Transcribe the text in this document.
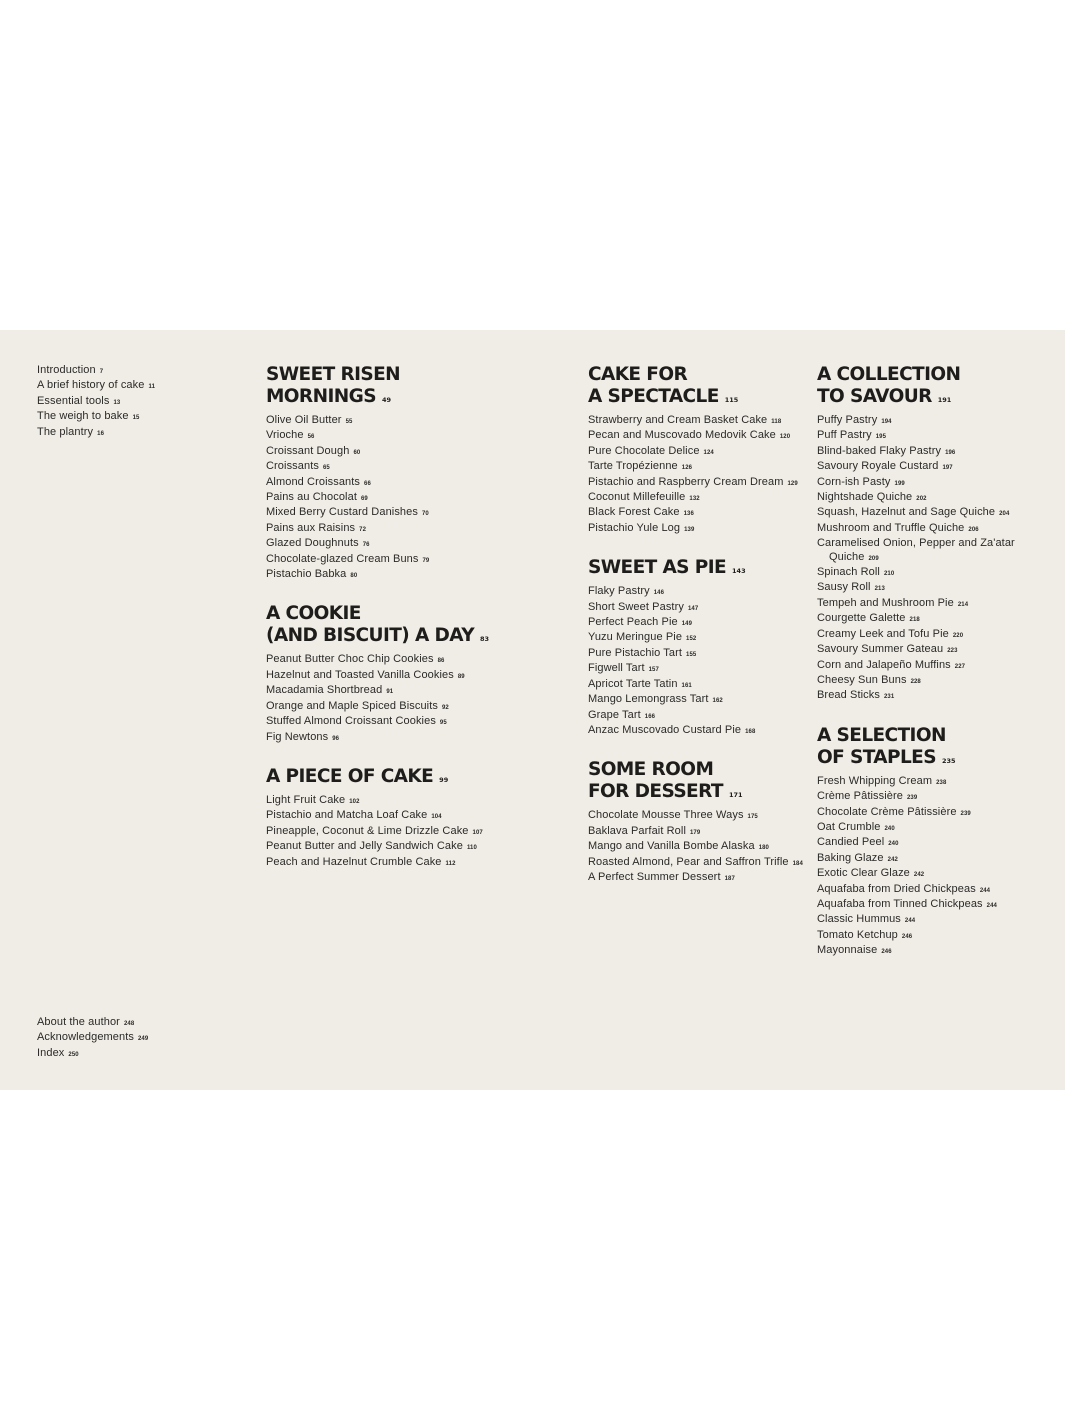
Introduction 7
A brief history of cake 11
Essential tools 13
The weigh to bake 15
The plantry 16
About the author 248
Acknowledgements 249
Index 250
SWEET RISEN
MORNINGS 49
Olive Oil Butter 55
Vrioche 56
Croissant Dough 60
Croissants 65
Almond Croissants 66
Pains au Chocolat 69
Mixed Berry Custard Danishes 70
Pains aux Raisins 72
Glazed Doughnuts 76
Chocolate-glazed Cream Buns 79
Pistachio Babka 80
A COOKIE
(AND BISCUIT) A DAY 83
Peanut Butter Choc Chip Cookies 86
Hazelnut and Toasted Vanilla Cookies 89
Macadamia Shortbread 91
Orange and Maple Spiced Biscuits 92
Stuffed Almond Croissant Cookies 95
Fig Newtons 96
A PIECE OF CAKE 99
Light Fruit Cake 102
Pistachio and Matcha Loaf Cake 104
Pineapple, Coconut & Lime Drizzle Cake 107
Peanut Butter and Jelly Sandwich Cake 110
Peach and Hazelnut Crumble Cake 112
CAKE FOR
A SPECTACLE 115
Strawberry and Cream Basket Cake 118
Pecan and Muscovado Medovik Cake 120
Pure Chocolate Delice 124
Tarte Tropézienne 126
Pistachio and Raspberry Cream Dream 129
Coconut Millefeuille 132
Black Forest Cake 136
Pistachio Yule Log 139
SWEET AS PIE 143
Flaky Pastry 146
Short Sweet Pastry 147
Perfect Peach Pie 149
Yuzu Meringue Pie 152
Pure Pistachio Tart 155
Figwell Tart 157
Apricot Tarte Tatin 161
Mango Lemongrass Tart 162
Grape Tart 166
Anzac Muscovado Custard Pie 168
SOME ROOM
FOR DESSERT 171
Chocolate Mousse Three Ways 175
Baklava Parfait Roll 179
Mango and Vanilla Bombe Alaska 180
Roasted Almond, Pear and Saffron Trifle 184
A Perfect Summer Dessert 187
A COLLECTION
TO SAVOUR 191
Puffy Pastry 194
Puff Pastry 195
Blind-baked Flaky Pastry 196
Savoury Royale Custard 197
Corn-ish Pasty 199
Nightshade Quiche 202
Squash, Hazelnut and Sage Quiche 204
Mushroom and Truffle Quiche 206
Caramelised Onion, Pepper and Za'atar
Quiche 209
Spinach Roll 210
Sausy Roll 213
Tempeh and Mushroom Pie 214
Courgette Galette 218
Creamy Leek and Tofu Pie 220
Savoury Summer Gateau 223
Corn and Jalapeño Muffins 227
Cheesy Sun Buns 228
Bread Sticks 231
A SELECTION
OF STAPLES 235
Fresh Whipping Cream 238
Crème Pâtissière 239
Chocolate Crème Pâtissière 239
Oat Crumble 240
Candied Peel 240
Baking Glaze 242
Exotic Clear Glaze 242
Aquafaba from Dried Chickpeas 244
Aquafaba from Tinned Chickpeas 244
Classic Hummus 244
Tomato Ketchup 246
Mayonnaise 246
